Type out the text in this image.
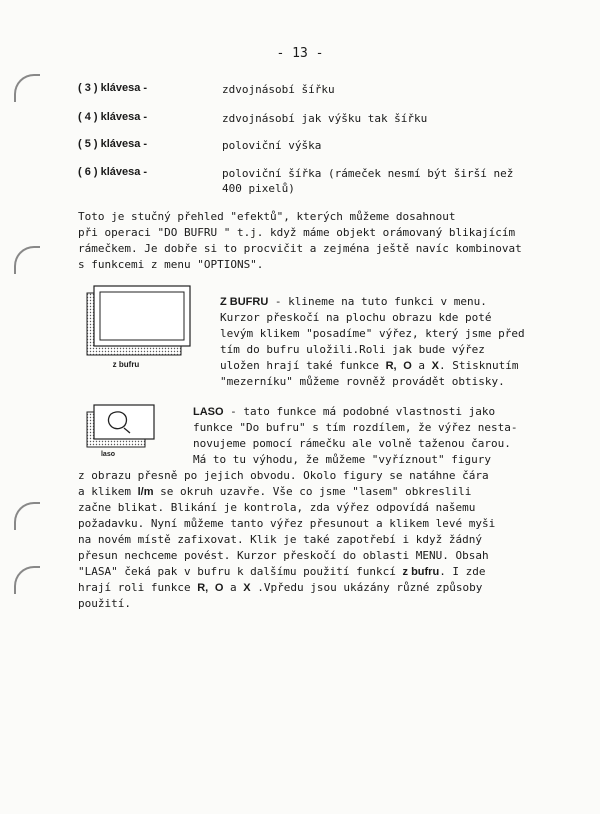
- 13 -
( 3 ) klávesa -	zdvojnásobí šířku
( 4 ) klávesa -	zdvojnásobí jak výšku tak šířku
( 5 ) klávesa -	poloviční výška
( 6 ) klávesa -	poloviční šířka (rámeček nesmí být širší než
400 pixelů)
Toto je stučný přehled "efektů", kterých můžeme dosahnout
při operaci "DO BUFRU " t.j. když máme objekt orámovaný blikajícím
rámečkem. Je dobře si to procvičit a zejména ještě navíc kombinovat
s funkcemi z menu "OPTIONS".
z bufru
Z BUFRU - klineme na tuto funkci v menu.
Kurzor přeskočí na plochu obrazu kde poté
levým klikem "posadíme" výřez, který jsme před
tím do bufru uložili.Roli jak bude výřez
uložen hrají také funkce R, O a X. Stisknutím
"mezerníku" můžeme rovněž provádět obtisky.
laso
LASO - tato funkce má podobné vlastnosti jako
funkce "Do bufru" s tím rozdílem, že výřez nesta-
novujeme pomocí rámečku ale volně taženou čarou.
Má to tu výhodu, že můžeme "vyříznout" figury
z obrazu přesně po jejich obvodu. Okolo figury se natáhne čára
a klikem l/m se okruh uzavře. Vše co jsme "lasem" obkreslili
začne blikat. Blikání je kontrola, zda výřez odpovídá našemu
požadavku. Nyní můžeme tanto výřez přesunout a klikem levé myši
na novém místě zafixovat. Klik je také zapotřebí i když žádný
přesun nechceme povést. Kurzor přeskočí do oblasti MENU. Obsah
"LASA" čeká pak v bufru k dalšímu použití funkcí z bufru. I zde
hrají roli funkce R, O a X .Vpředu jsou ukázány různé způsoby
použití.
